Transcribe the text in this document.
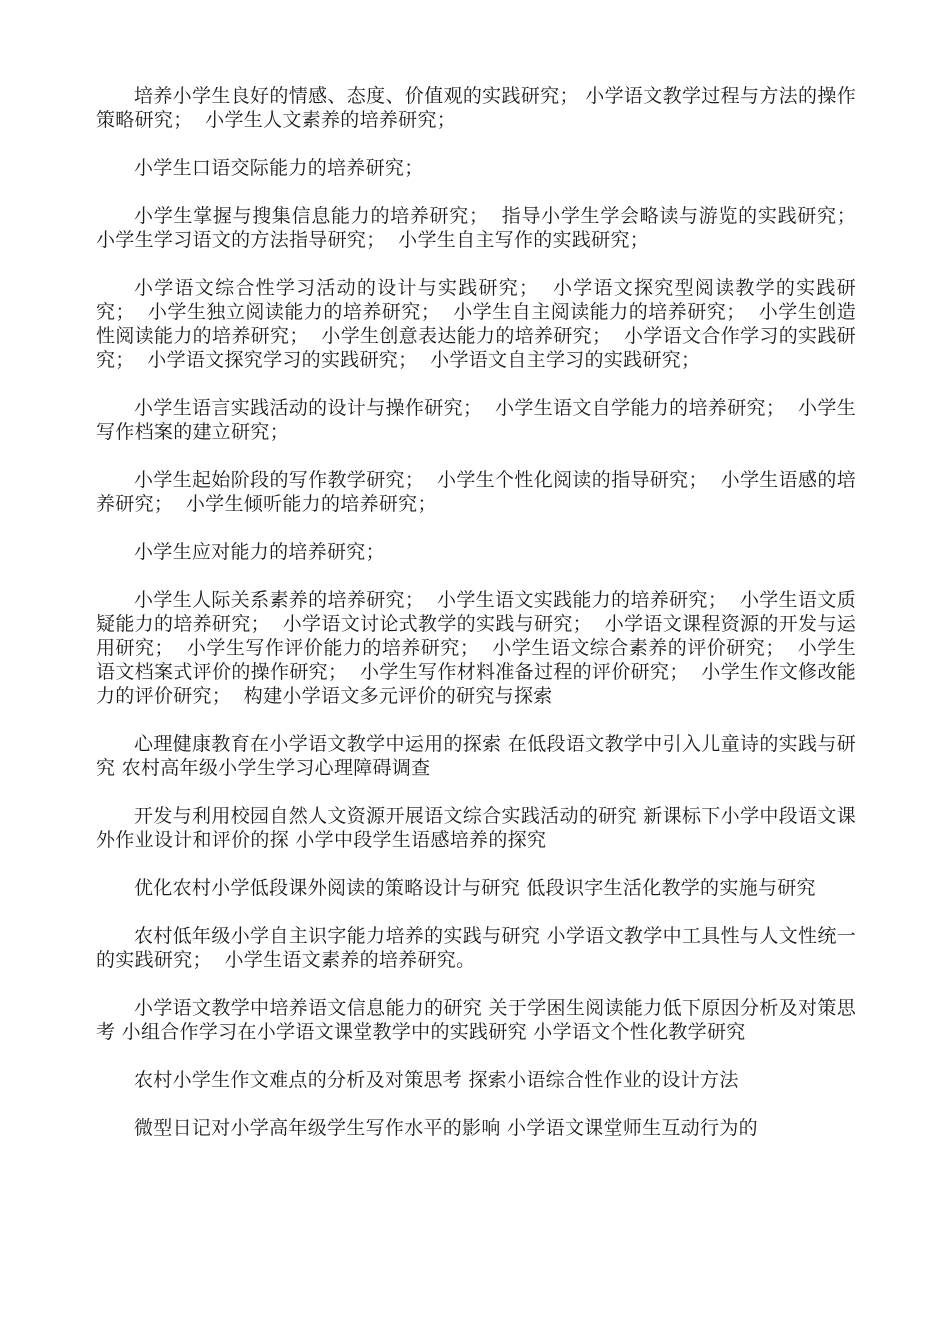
培养小学生良好的情感、态度、价值观的实践研究； 小学语文教学过程与方法的操作策略研究；  小学生人文素养的培养研究；

小学生口语交际能力的培养研究；

小学生掌握与搜集信息能力的培养研究；  指导小学生学会略读与游览的实践研究；  小学生学习语文的方法指导研究；  小学生自主写作的实践研究；

小学语文综合性学习活动的设计与实践研究；  小学语文探究型阅读教学的实践研究；  小学生独立阅读能力的培养研究；  小学生自主阅读能力的培养研究；  小学生创造性阅读能力的培养研究；  小学生创意表达能力的培养研究；  小学语文合作学习的实践研究；  小学语文探究学习的实践研究；  小学语文自主学习的实践研究；

小学生语言实践活动的设计与操作研究；  小学生语文自学能力的培养研究；  小学生写作档案的建立研究；

小学生起始阶段的写作教学研究；  小学生个性化阅读的指导研究；  小学生语感的培养研究；  小学生倾听能力的培养研究；

小学生应对能力的培养研究；

小学生人际关系素养的培养研究；  小学生语文实践能力的培养研究；  小学生语文质疑能力的培养研究；  小学语文讨论式教学的实践与研究；  小学语文课程资源的开发与运用研究；  小学生写作评价能力的培养研究；  小学生语文综合素养的评价研究；  小学生语文档案式评价的操作研究；  小学生写作材料准备过程的评价研究；  小学生作文修改能力的评价研究；  构建小学语文多元评价的研究与探索

心理健康教育在小学语文教学中运用的探索 在低段语文教学中引入儿童诗的实践与研究 农村高年级小学生学习心理障碍调查

开发与利用校园自然人文资源开展语文综合实践活动的研究 新课标下小学中段语文课外作业设计和评价的探 小学中段学生语感培养的探究

优化农村小学低段课外阅读的策略设计与研究 低段识字生活化教学的实施与研究

农村低年级小学自主识字能力培养的实践与研究 小学语文教学中工具性与人文性统一的实践研究；  小学生语文素养的培养研究。

小学语文教学中培养语文信息能力的研究 关于学困生阅读能力低下原因分析及对策思考 小组合作学习在小学语文课堂教学中的实践研究 小学语文个性化教学研究

农村小学生作文难点的分析及对策思考 探索小语综合性作业的设计方法

微型日记对小学高年级学生写作水平的影响 小学语文课堂师生互动行为的
